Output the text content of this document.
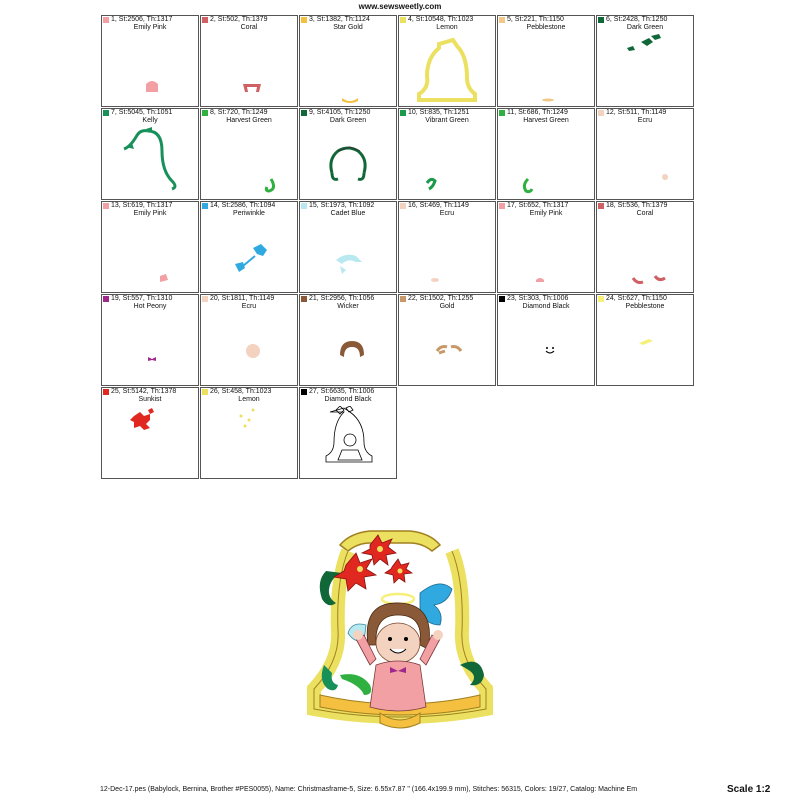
www.sewsweetly.com
1, St:2506, Th:1317
Emily Pink
2, St:502, Th:1379
Coral
3, St:1382, Th:1124
Star Gold
4, St:10548, Th:1023
Lemon
5, St:221, Th:1150
Pebblestone
6, St:2428, Th:1250
Dark Green
7, St:5045, Th:1051
Kelly
8, St:720, Th:1249
Harvest Green
9, St:4105, Th:1250
Dark Green
10, St:835, Th:1251
Vibrant Green
11, St:686, Th:1249
Harvest Green
12, St:511, Th:1149
Ecru
13, St:619, Th:1317
Emily Pink
14, St:2586, Th:1094
Periwinkle
15, St:1973, Th:1092
Cadet Blue
16, St:469, Th:1149
Ecru
17, St:652, Th:1317
Emily Pink
18, St:536, Th:1379
Coral
19, St:557, Th:1310
Hot Peony
20, St:1811, Th:1149
Ecru
21, St:2956, Th:1056
Wicker
22, St:1502, Th:1255
Gold
23, St:303, Th:1006
Diamond Black
24, St:627, Th:1150
Pebblestone
25, St:5142, Th:1378
Sunkist
26, St:458, Th:1023
Lemon
27, St:6635, Th:1006
Diamond Black
12-Dec-17.pes (Babylock, Bernina, Brother #PES0055), Name: Christmasframe-5, Size: 6.55x7.87 " (166.4x199.9 mm), Stitches: 56315, Colors: 19/27, Catalog: Machine Em	Scale 1:2
